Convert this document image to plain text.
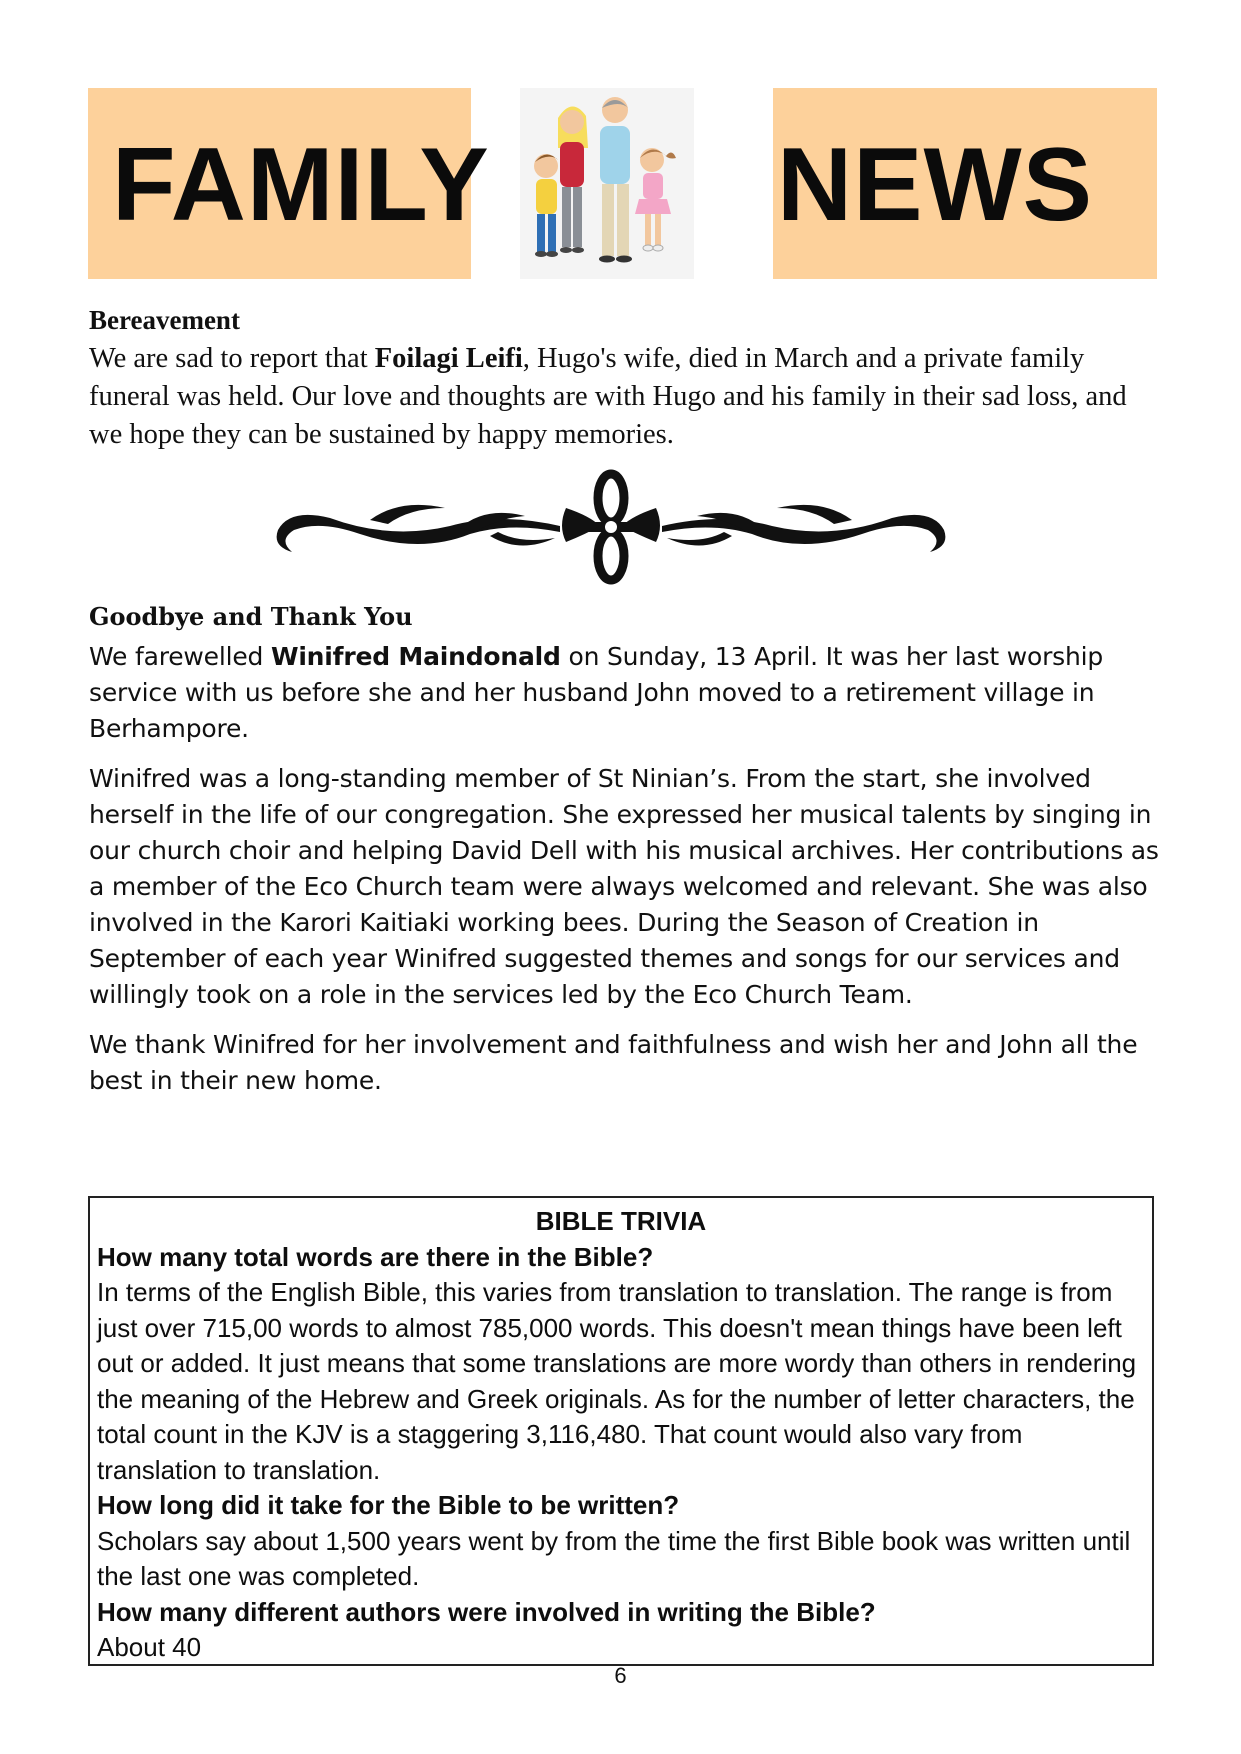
FAMILY	NEWS

Bereavement

We are sad to report that Foilagi Leifi, Hugo's wife, died in March and a private family funeral was held. Our love and thoughts are with Hugo and his family in their sad loss, and we hope they can be sustained by happy memories.

Goodbye and Thank You

We farewelled Winifred Maindonald on Sunday, 13 April. It was her last worship service with us before she and her husband John moved to a retirement village in Berhampore.

Winifred was a long-standing member of St Ninian’s. From the start, she involved herself in the life of our congregation. She expressed her musical talents by singing in our church choir and helping David Dell with his musical archives. Her contributions as a member of the Eco Church team were always welcomed and relevant. She was also involved in the Karori Kaitiaki working bees. During the Season of Creation in September of each year Winifred suggested themes and songs for our services and willingly took on a role in the services led by the Eco Church Team.

We thank Winifred for her involvement and faithfulness and wish her and John all the best in their new home.

BIBLE TRIVIA

How many total words are there in the Bible?

In terms of the English Bible, this varies from translation to translation. The range is from just over 715,00 words to almost 785,000 words. This doesn't mean things have been left out or added. It just means that some translations are more wordy than others in rendering the meaning of the Hebrew and Greek originals. As for the number of letter characters, the total count in the KJV is a staggering 3,116,480. That count would also vary from translation to translation.

How long did it take for the Bible to be written?

Scholars say about 1,500 years went by from the time the first Bible book was written until the last one was completed.

How many different authors were involved in writing the Bible?

About 40

6
